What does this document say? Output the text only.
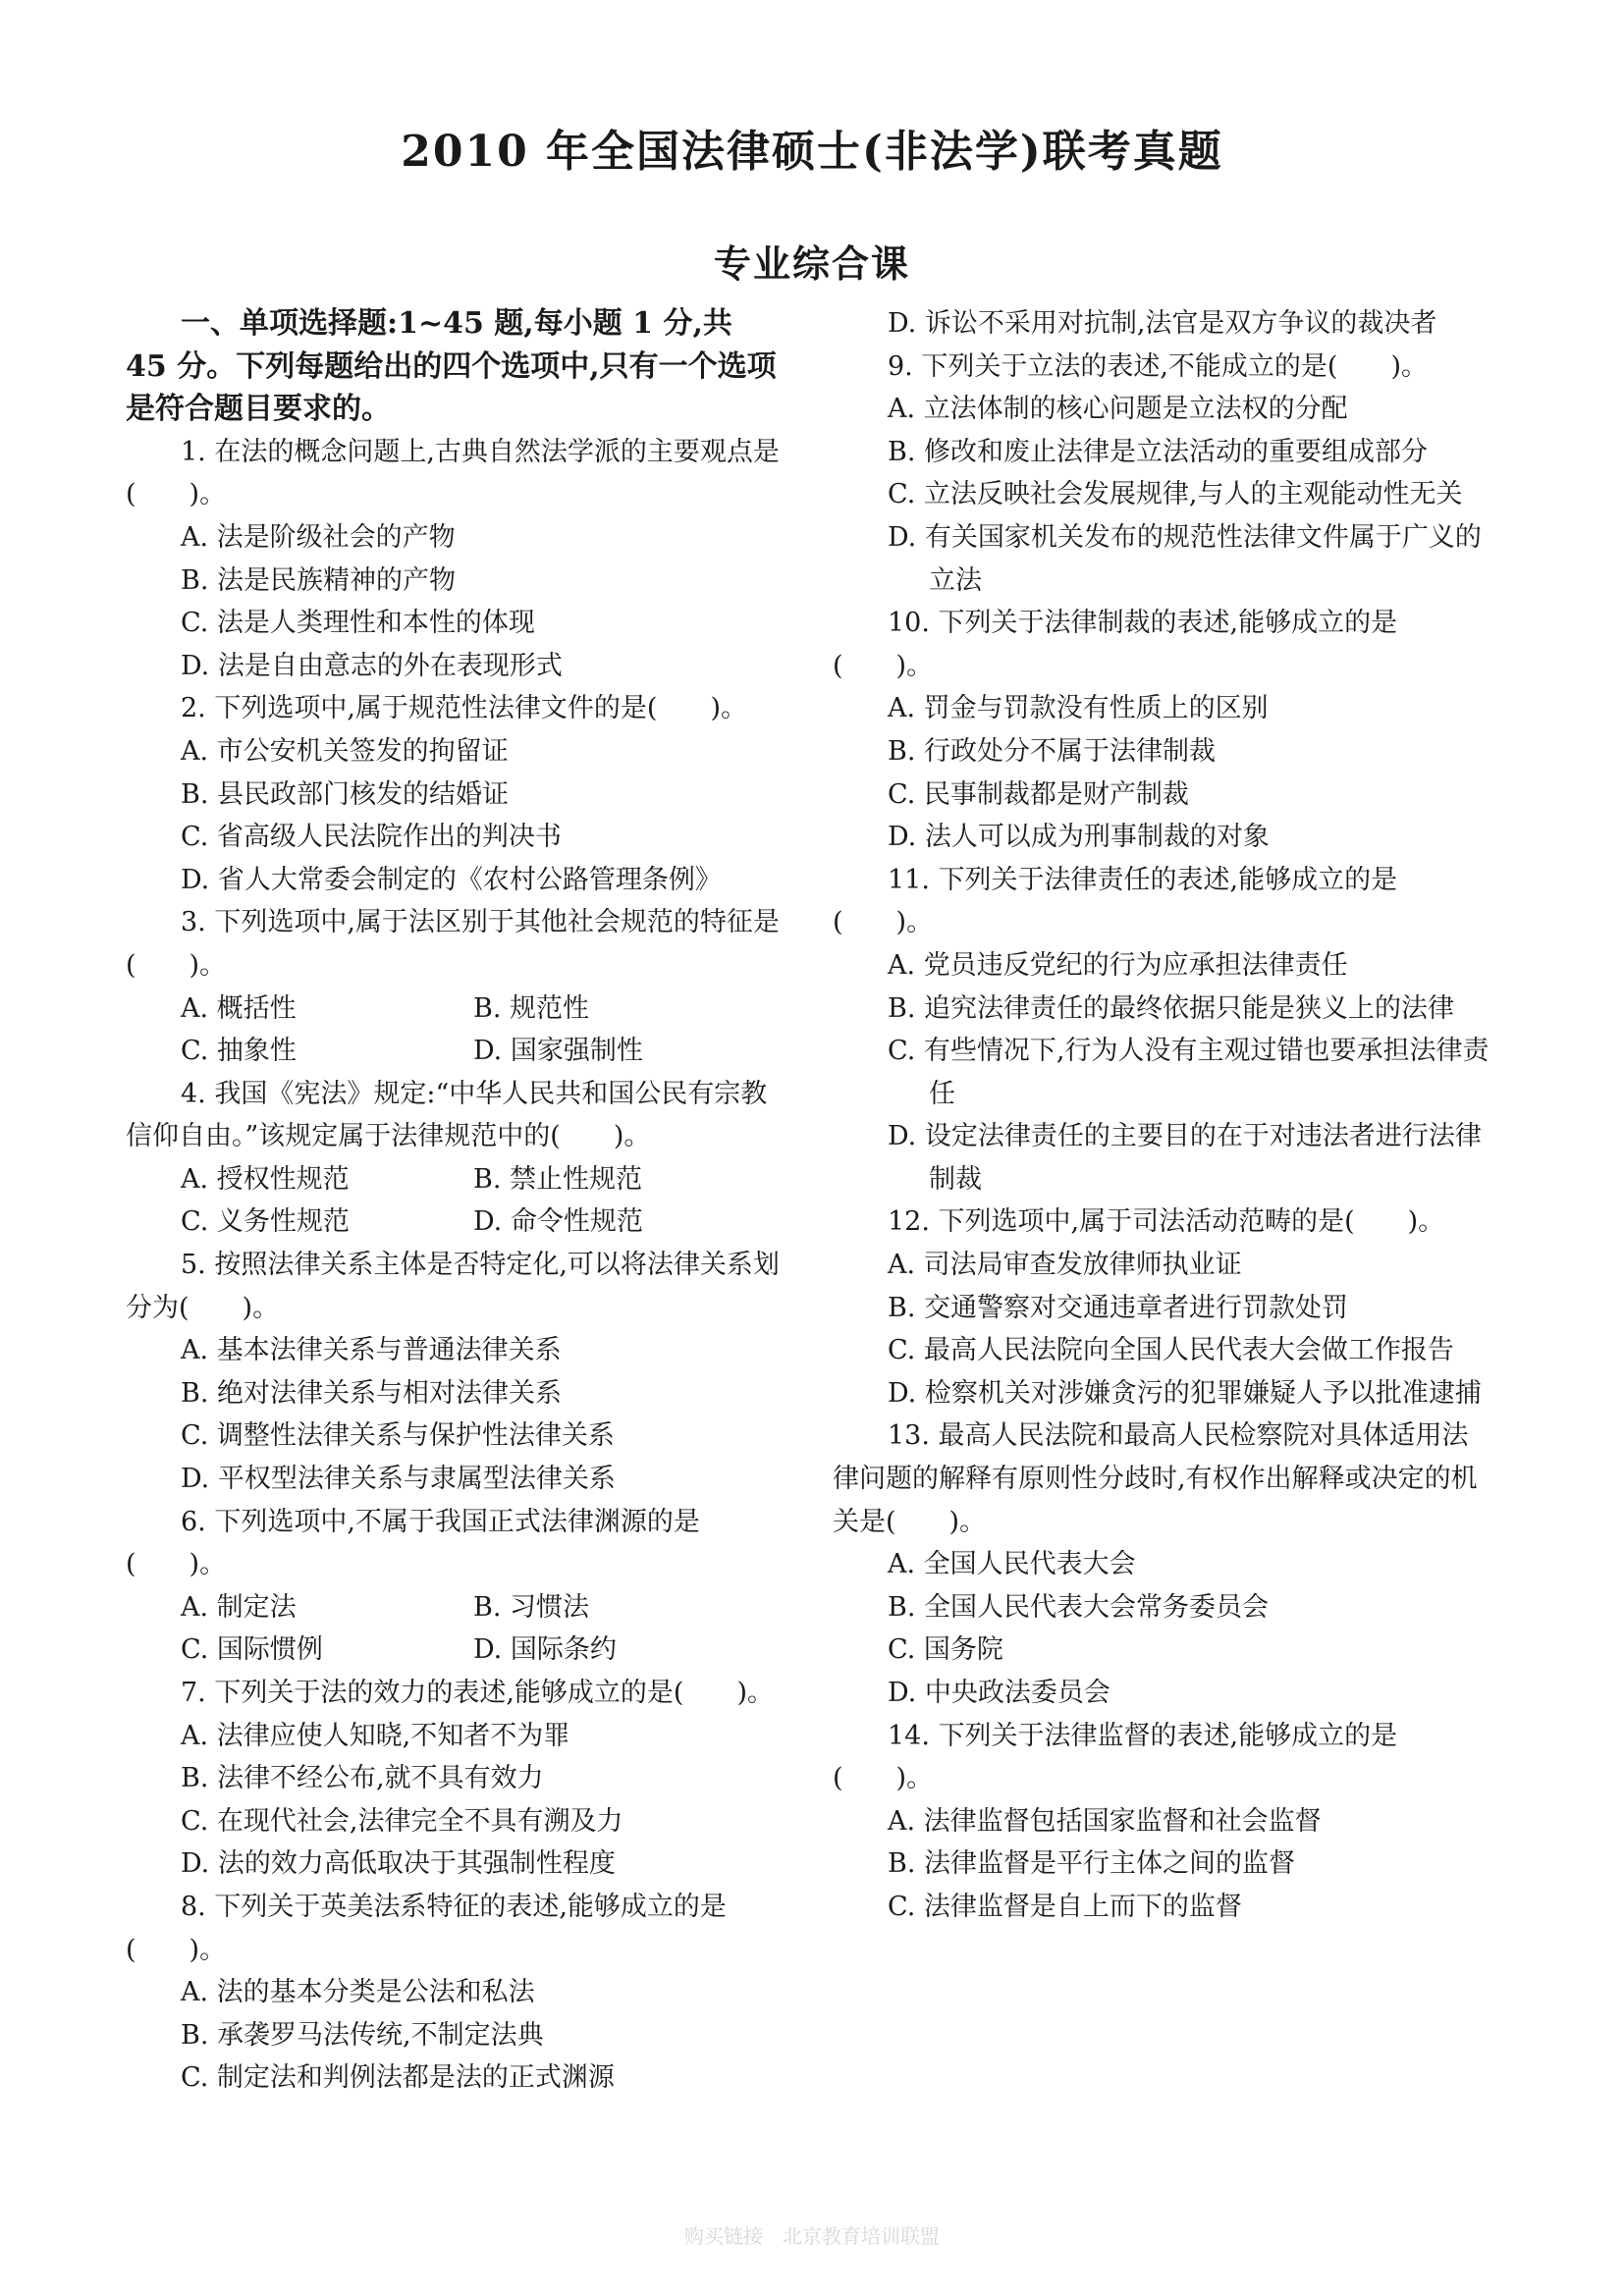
2010 年全国法律硕士(非法学)联考真题
专业综合课

一、单项选择题:1~45 题,每小题 1 分,共 45 分。下列每题给出的四个选项中,只有一个选项是符合题目要求的。

1. 在法的概念问题上,古典自然法学派的主要观点是(　　)。

A. 法是阶级社会的产物

B. 法是民族精神的产物

C. 法是人类理性和本性的体现

D. 法是自由意志的外在表现形式

2. 下列选项中,属于规范性法律文件的是(　　)。

A. 市公安机关签发的拘留证

B. 县民政部门核发的结婚证

C. 省高级人民法院作出的判决书

D. 省人大常委会制定的《农村公路管理条例》

3. 下列选项中,属于法区别于其他社会规范的特征是(　　)。

A. 概括性	B. 规范性
C. 抽象性	D. 国家强制性

4. 我国《宪法》规定:“中华人民共和国公民有宗教信仰自由。”该规定属于法律规范中的(　　)。

A. 授权性规范	B. 禁止性规范
C. 义务性规范	D. 命令性规范

5. 按照法律关系主体是否特定化,可以将法律关系划分为(　　)。

A. 基本法律关系与普通法律关系

B. 绝对法律关系与相对法律关系

C. 调整性法律关系与保护性法律关系

D. 平权型法律关系与隶属型法律关系

6. 下列选项中,不属于我国正式法律渊源的是(　　)。

A. 制定法	B. 习惯法
C. 国际惯例	D. 国际条约

7. 下列关于法的效力的表述,能够成立的是(　　)。

A. 法律应使人知晓,不知者不为罪

B. 法律不经公布,就不具有效力

C. 在现代社会,法律完全不具有溯及力

D. 法的效力高低取决于其强制性程度

8. 下列关于英美法系特征的表述,能够成立的是(　　)。

A. 法的基本分类是公法和私法

B. 承袭罗马法传统,不制定法典

C. 制定法和判例法都是法的正式渊源

D. 诉讼不采用对抗制,法官是双方争议的裁决者

9. 下列关于立法的表述,不能成立的是(　　)。

A. 立法体制的核心问题是立法权的分配

B. 修改和废止法律是立法活动的重要组成部分

C. 立法反映社会发展规律,与人的主观能动性无关

D. 有关国家机关发布的规范性法律文件属于广义的立法

10. 下列关于法律制裁的表述,能够成立的是(　　)。

A. 罚金与罚款没有性质上的区别

B. 行政处分不属于法律制裁

C. 民事制裁都是财产制裁

D. 法人可以成为刑事制裁的对象

11. 下列关于法律责任的表述,能够成立的是(　　)。

A. 党员违反党纪的行为应承担法律责任

B. 追究法律责任的最终依据只能是狭义上的法律

C. 有些情况下,行为人没有主观过错也要承担法律责任

D. 设定法律责任的主要目的在于对违法者进行法律制裁

12. 下列选项中,属于司法活动范畴的是(　　)。

A. 司法局审查发放律师执业证

B. 交通警察对交通违章者进行罚款处罚

C. 最高人民法院向全国人民代表大会做工作报告

D. 检察机关对涉嫌贪污的犯罪嫌疑人予以批准逮捕

13. 最高人民法院和最高人民检察院对具体适用法律问题的解释有原则性分歧时,有权作出解释或决定的机关是(　　)。

A. 全国人民代表大会

B. 全国人民代表大会常务委员会

C. 国务院

D. 中央政法委员会

14. 下列关于法律监督的表述,能够成立的是(　　)。

A. 法律监督包括国家监督和社会监督

B. 法律监督是平行主体之间的监督

C. 法律监督是自上而下的监督

购买链接　北京教育培训联盟
